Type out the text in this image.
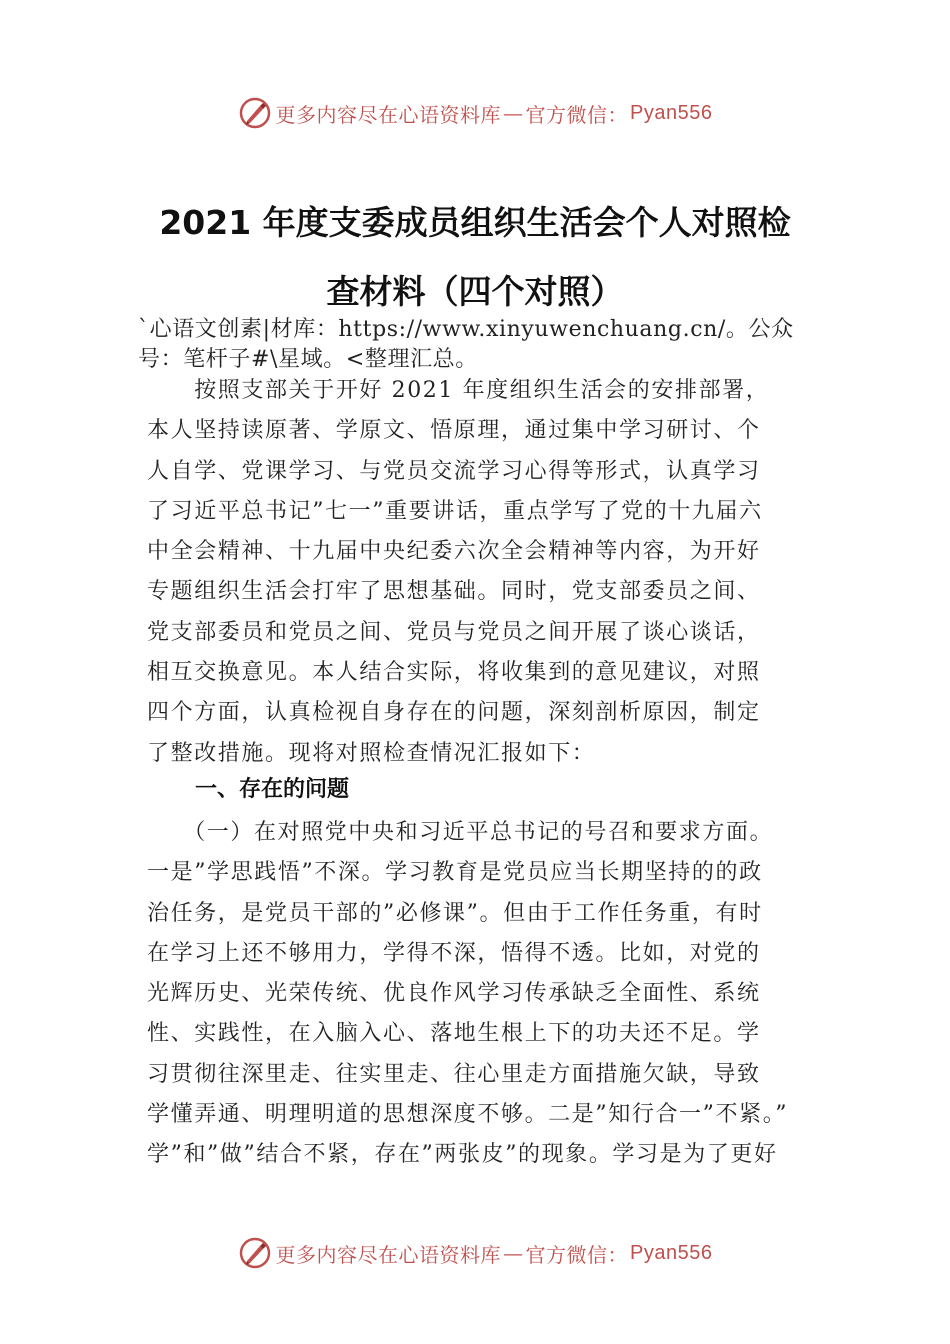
更多内容尽在心语资料库 — 官方微信： Pyan556
2021 年度支委成员组织生活会个人对照检
查材料（四个对照）

`心语文创素|材库：https://www.xinyuwenchuang.cn/。公众
号：笔杆子#\星域。<整理汇总。

　　按照支部关于开好 2021 年度组织生活会的安排部署，
本人坚持读原著、学原文、悟原理，通过集中学习研讨、个
人自学、党课学习、与党员交流学习心得等形式，认真学习
了习近平总书记”七一”重要讲话，重点学写了党的十九届六
中全会精神、十九届中央纪委六次全会精神等内容，为开好
专题组织生活会打牢了思想基础。同时，党支部委员之间、
党支部委员和党员之间、党员与党员之间开展了谈心谈话，
相互交换意见。本人结合实际，将收集到的意见建议，对照
四个方面，认真检视自身存在的问题，深刻剖析原因，制定
了整改措施。现将对照检查情况汇报如下：

一、存在的问题

　　（一）在对照党中央和习近平总书记的号召和要求方面。
一是”学思践悟”不深。学习教育是党员应当长期坚持的的政
治任务，是党员干部的”必修课”。但由于工作任务重，有时
在学习上还不够用力，学得不深，悟得不透。比如，对党的
光辉历史、光荣传统、优良作风学习传承缺乏全面性、系统
性、实践性，在入脑入心、落地生根上下的功夫还不足。学
习贯彻往深里走、往实里走、往心里走方面措施欠缺，导致
学懂弄通、明理明道的思想深度不够。二是”知行合一”不紧。”
学”和”做”结合不紧，存在”两张皮”的现象。学习是为了更好

更多内容尽在心语资料库 — 官方微信： Pyan556
